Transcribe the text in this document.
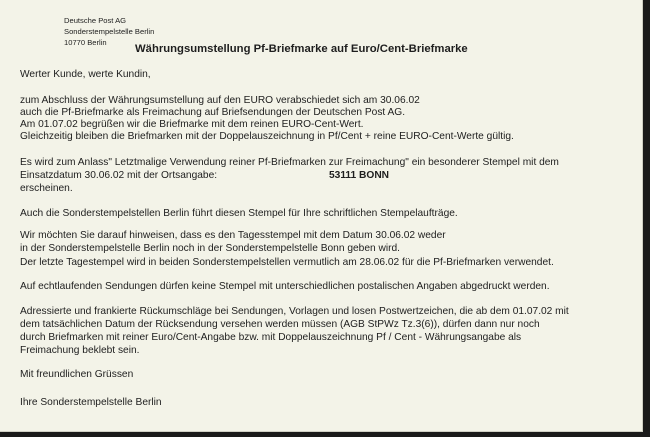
Deutsche Post AG
Sonderstempelstelle Berlin
10770 Berlin
Währungsumstellung Pf-Briefmarke auf Euro/Cent-Briefmarke
Werter Kunde, werte Kundin,
zum Abschluss der Währungsumstellung auf den EURO verabschiedet sich am 30.06.02
auch die Pf-Briefmarke als Freimachung auf Briefsendungen der Deutschen Post AG.
Am 01.07.02 begrüßen wir die Briefmarke mit dem reinen EURO-Cent-Wert.
Gleichzeitig bleiben die Briefmarken mit der Doppelauszeichnung in Pf/Cent + reine EURO-Cent-Werte gültig.
Es wird zum Anlass" Letztmalige Verwendung reiner Pf-Briefmarken zur Freimachung" ein besonderer Stempel mit dem
Einsatzdatum 30.06.02 mit der Ortsangabe:	53111 BONN
erscheinen.
Auch die Sonderstempelstellen Berlin führt diesen Stempel für Ihre schriftlichen Stempelaufträge.
Wir möchten Sie darauf hinweisen, dass es den Tagesstempel mit dem Datum 30.06.02 weder
in der Sonderstempelstelle Berlin noch in der Sonderstempelstelle Bonn geben wird.
Der letzte Tagestempel wird in beiden Sonderstempelstellen vermutlich am 28.06.02 für die Pf-Briefmarken verwendet.
Auf echtlaufenden Sendungen dürfen keine Stempel mit unterschiedlichen postalischen Angaben abgedruckt werden.
Adressierte und frankierte Rückumschläge bei Sendungen, Vorlagen und losen Postwertzeichen, die ab dem 01.07.02 mit
dem tatsächlichen Datum der Rücksendung versehen werden müssen (AGB StPWz Tz.3(6)), dürfen dann nur noch
durch Briefmarken mit reiner Euro/Cent-Angabe bzw. mit Doppelauszeichnung Pf / Cent - Währungsangabe als
Freimachung beklebt sein.
Mit freundlichen Grüssen
Ihre Sonderstempelstelle Berlin
